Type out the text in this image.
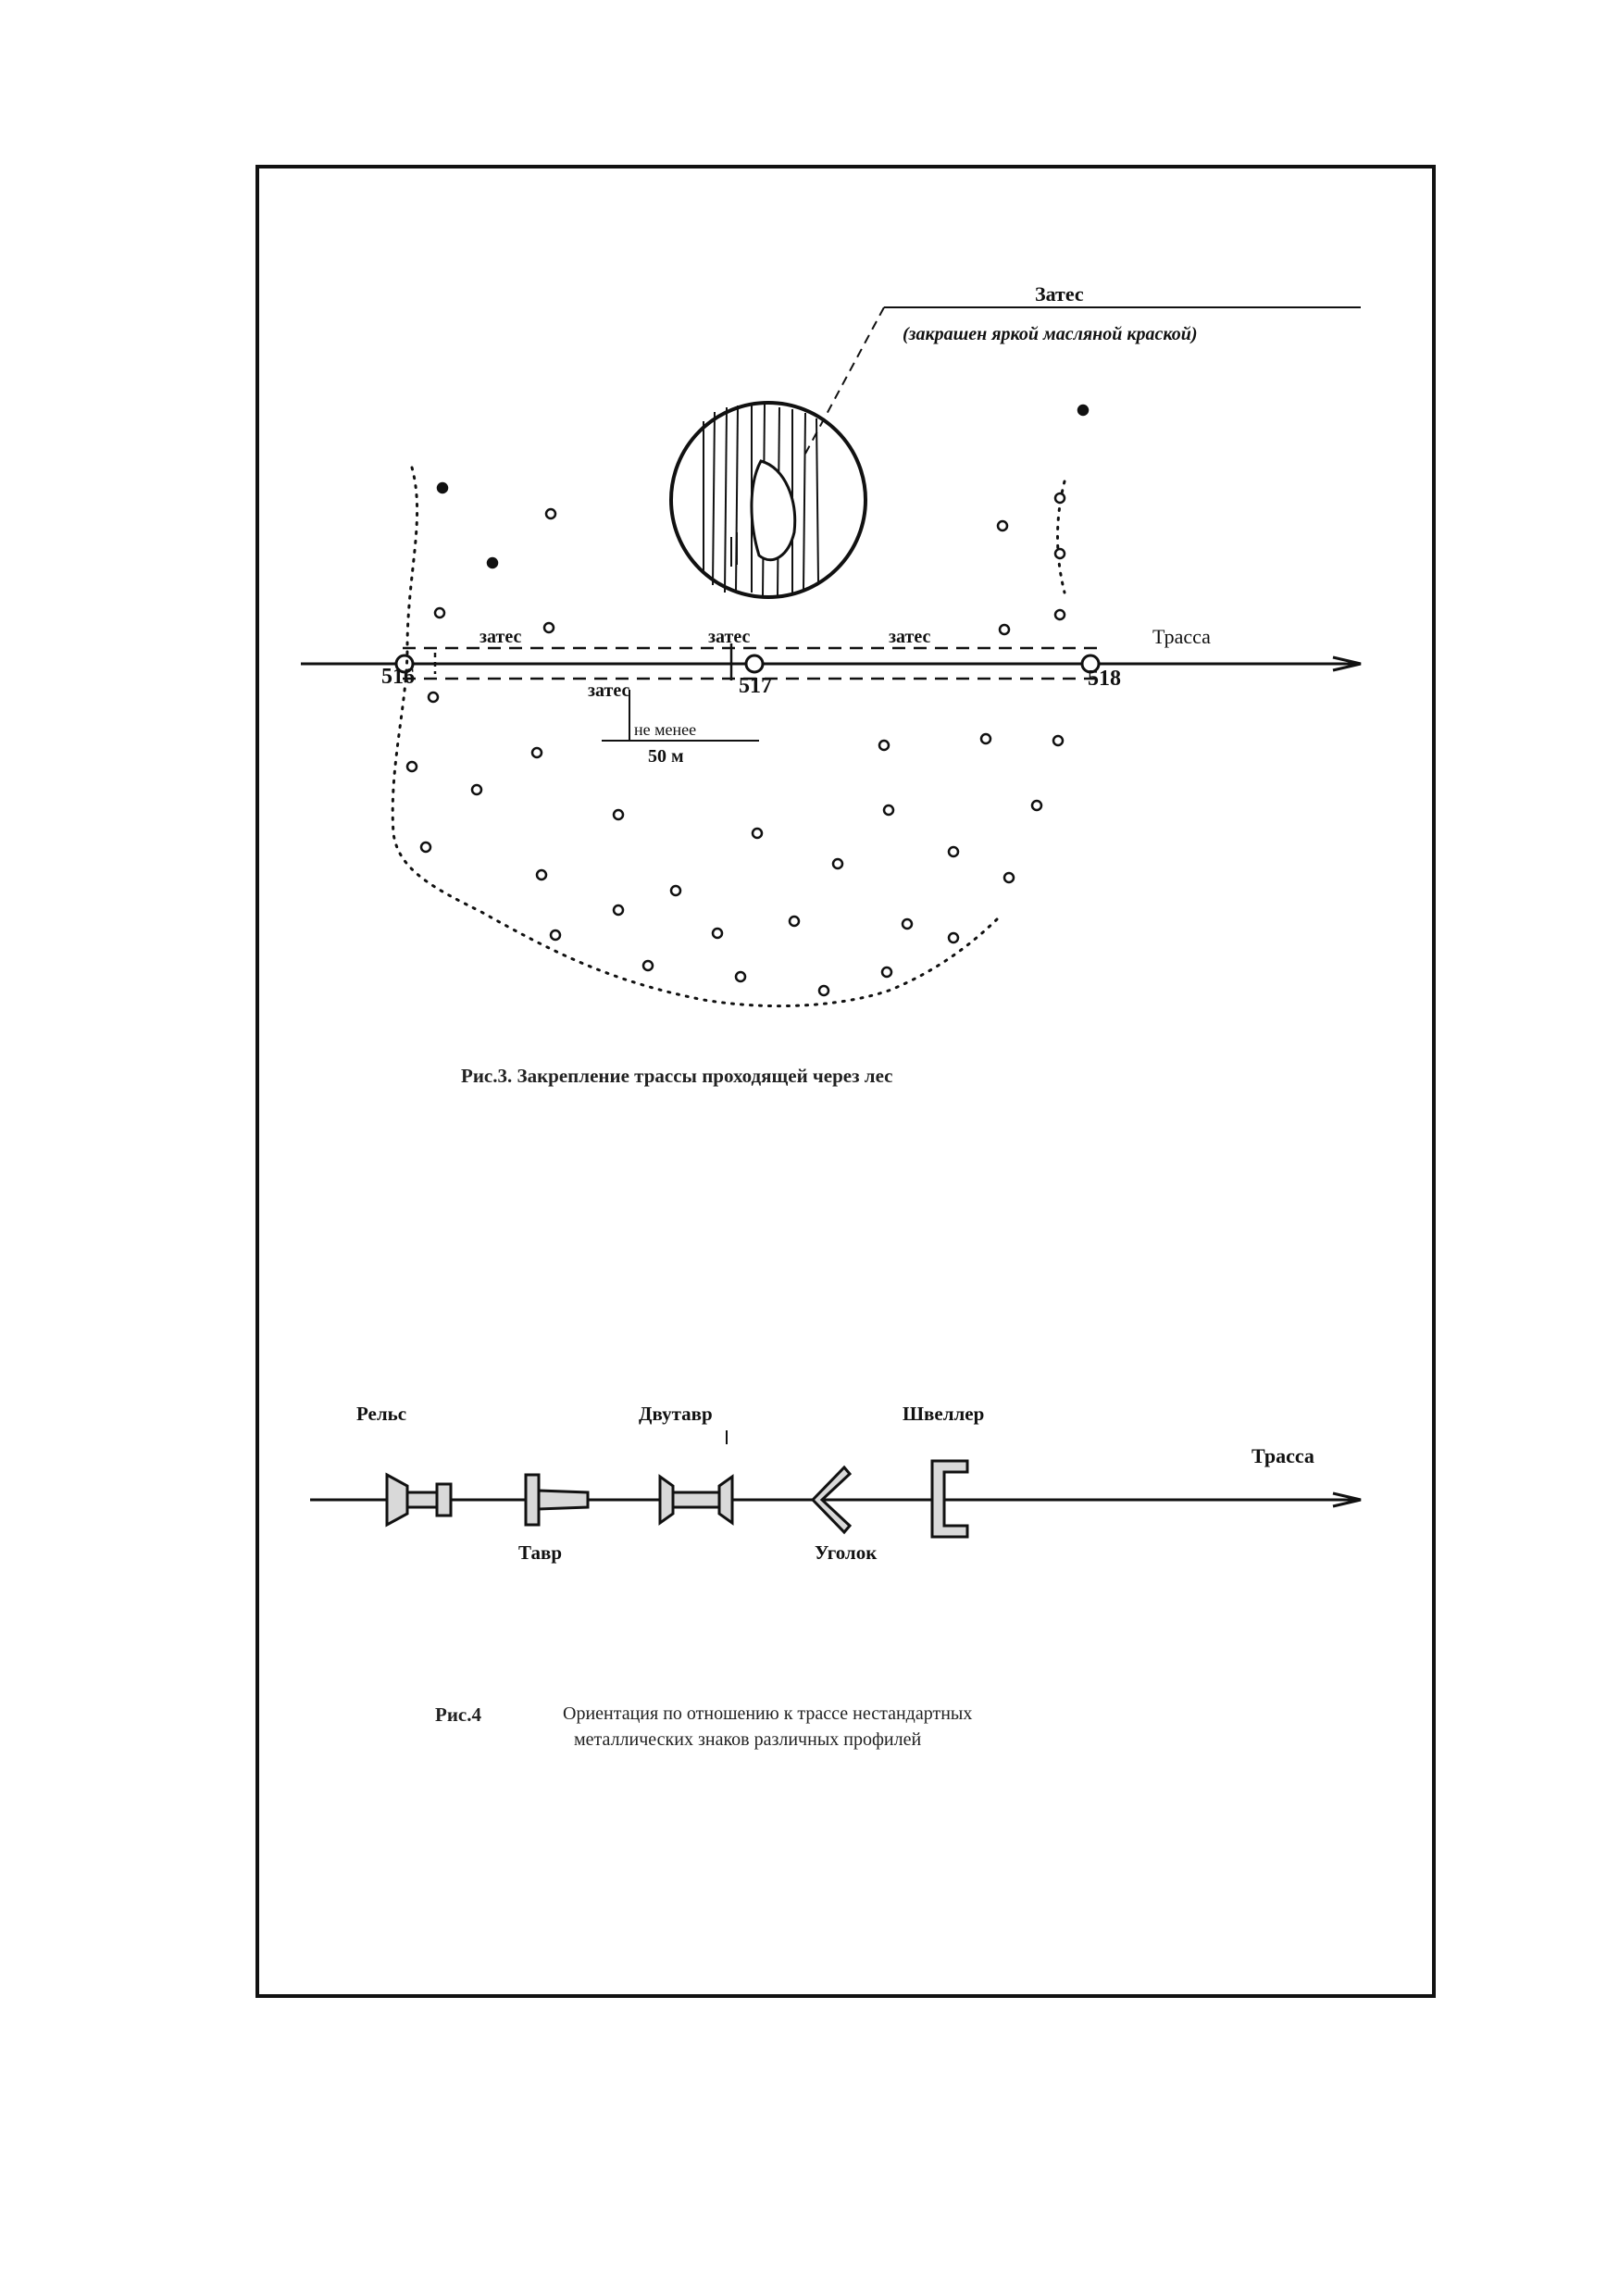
Затес
(закрашен яркой масляной краской)
Трасса
затес	затес	затес
затес
516	517	518
не менее
50 м
Рис.3. Закрепление трассы проходящей через лес
Рельс	Двутавр	Швеллер
Тавр	Уголок
Трасса
Рис.4	Ориентация по отношению к трассе нестандартных
металлических знаков различных профилей
